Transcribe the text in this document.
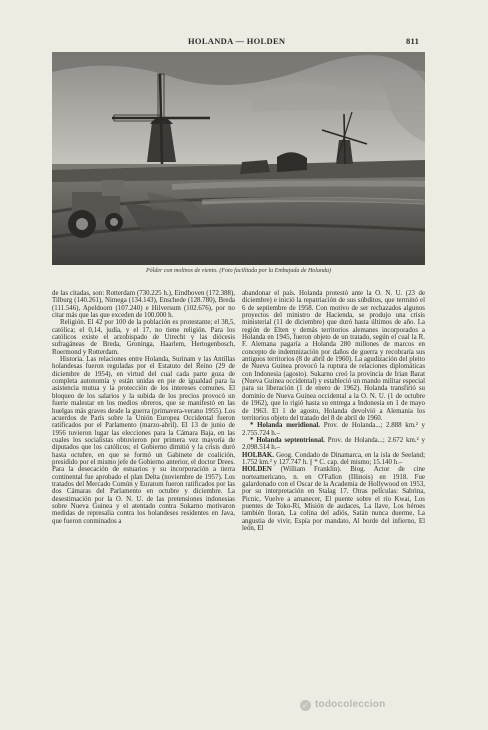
HOLANDA — HOLDEN	811
Pólder con molinos de viento. (Foto facilitada por la Embajada de Holanda)

de las citadas, son: Rotterdam (730.225 h.), Eindhoven (172.388), Tilburg (140.261), Nimega (134.143), Enschede (128.780), Breda (111.546), Apeldoorn (107.240) e Hilversum (102.676), por no citar más que las que exceden de 100.000 h.

Religión. El 42 por 100 de la población es protestante; el 38,5, católica; el 0,14, judía, y el 17, no tiene religión. Para los católicos existe el arzobispado de Utrecht y las diócesis sufragáneas de Breda, Groninga, Haarlem, Hertogenbosch, Roermond y Rotterdam.

Historia. Las relaciones entre Holanda, Surinam y las Antillas holandesas fueron reguladas por el Estatuto del Reino (29 de diciembre de 1954), en virtud del cual cada parte goza de completa autonomía y están unidas en pie de igualdad para la asistencia mutua y la protección de los intereses comunes. El bloqueo de los salarios y la subida de los precios provocó un fuerte malestar en los medios obreros, que se manifestó en las huelgas más graves desde la guerra (primavera-verano 1955). Los acuerdos de París sobre la Unión Europea Occidental fueron ratificados por el Parlamento (marzo-abril). El 13 de junio de 1956 tuvieron lugar las elecciones para la Cámara Baja, en las cuales los socialistas obtuvieron por primera vez mayoría de diputados que los católicos; el Gobierno dimitió y la crisis duró hasta octubre, en que se formó un Gabinete de coalición, presidido por el mismo jefe de Gobierno anterior, el doctor Drees. Para la desecación de estuarios y su incorporación a tierra continental fue aprobado el plan Delta (noviembre de 1957). Los tratados del Mercado Común y Euratom fueron ratificados por las dos Cámaras del Parlamento en octubre y diciembre. La desestimación por la O. N. U. de las pretensiones indonesias sobre Nueva Guinea y el atentado contra Sukarno motivaron medidas de represalia contra los holandeses residentes en Java, que fueron conminados a

abandonar el país. Holanda protestó ante la O. N. U. (23 de diciembre) e inició la repatriación de sus súbditos, que terminó el 6 de septiembre de 1958. Con motivo de ser rechazados algunos proyectos del ministro de Hacienda, se produjo una crisis ministerial (11 de diciembre) que duró hasta últimos de año. La región de Elten y demás territorios alemanes incorporados a Holanda en 1945, fueron objeto de un tratado, según el cual la R. F. Alemana pagaría a Holanda 280 millones de marcos en concepto de indemnización por daños de guerra y recobraría sus antiguos territorios (8 de abril de 1960). La agudización del pleito de Nueva Guinea provocó la ruptura de relaciones diplomáticas con Indonesia (agosto). Sukarno creó la provincia de Irian Barat (Nueva Guinea occidental) y estableció un mando militar especial para su liberación (1 de enero de 1962). Holanda transfirió su dominio de Nueva Guinea occidental a la O. N. U. (1 de octubre de 1962), que lo rigió hasta su entrega a Indonesia en 1 de mayo de 1963. El 1 de agosto, Holanda devolvió a Alemania los territorios objeto del tratado del 8 de abril de 1960.

* Holanda meridional. Prov. de Holanda...; 2.888 km.² y 2.755.724 h.–

* Holanda septentrional. Prov. de Holanda...; 2.672 km.² y 2.098.514 h.–

HOLBAK. Geog. Condado de Dinamarca, en la isla de Seeland; 1.752 km.² y 127.747 h. || * C. cap. del mismo; 15.140 h.–

HOLDEN (William Franklin). Biog. Actor de cine norteamericano, n. en O'Fallon (Illinois) en 1918. Fue galardonado con el Oscar de la Academia de Hollywood en 1953, por su interpretación en Stalag 17. Otras películas: Sabrina, Picnic, Vuelve a amanecer, El puente sobre el río Kwai, Los puentes de Toko-Ri, Misión de audaces, La llave, Los héroes también lloran, La colina del adiós, Satán nunca duerme, La angustia de vivir, Espía por mandato, Al borde del infierno, El león, El

✓ todocoleccion
